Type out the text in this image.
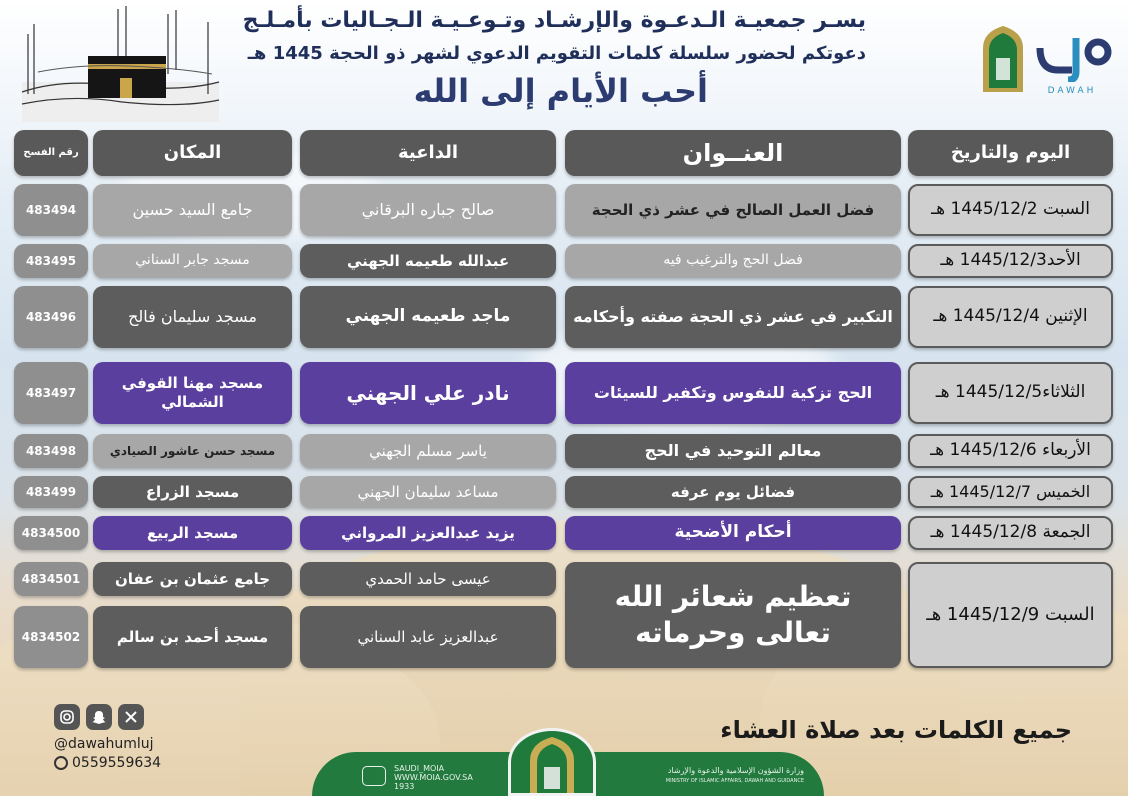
يسـر جمعيـة الـدعـوة والإرشـاد وتـوعـيـة الـجـاليات بأمـلـج
دعوتكم لحضور سلسلة كلمات التقويم الدعوي لشهر ذو الحجة 1445 هـ
أحب الأيام إلى الله	DAWAH
اليوم والتاريخ
العنــوان
الداعية
المكان
رقم الفسح
السبت 1445/12/2 هـ
فضل العمل الصالح في عشر ذي الحجة
صالح جباره البرقاني
جامع السيد حسين
483494
الأحد1445/12/3 هـ
فضل الحج والترغيب فيه
عبدالله طعيمه الجهني
مسجد جابر السناني
483495
الإثنين 1445/12/4 هـ
التكبير في عشر ذي الحجة صفته وأحكامه
ماجد طعيمه الجهني
مسجد سليمان فالح
483496
الثلاثاء1445/12/5 هـ
الحج تزكية للنفوس وتكفير للسيئات
نادر علي الجهني
مسجد مهنا القوفي الشمالي
483497
الأربعاء 1445/12/6 هـ
معالم التوحيد في الحج
ياسر مسلم الجهني
مسجد حسن عاشور الصيادي
483498
الخميس 1445/12/7 هـ
فضائل يوم عرفه
مساعد سليمان الجهني
مسجد الزراع
483499
الجمعة 1445/12/8 هـ
أحكام الأضحية
يزيد عبدالعزيز المرواني
مسجد الربيع
4834500
السبت 1445/12/9 هـ
تعظيم شعائر الله تعالى وحرماته
عيسى حامد الحمدي
عبدالعزيز عابد السناني
جامع عثمان بن عفان
مسجد أحمد بن سالم
4834501
4834502
@dawahumluj
0559559634
جميع الكلمات بعد صلاة العشاء
وزارة الشؤون الإسلامية والدعوة والإرشاد
MINISTRY OF ISLAMIC AFFAIRS, DAWAH AND GUIDANCE
SAUDI_MOIA
WWW.MOIA.GOV.SA
1933
